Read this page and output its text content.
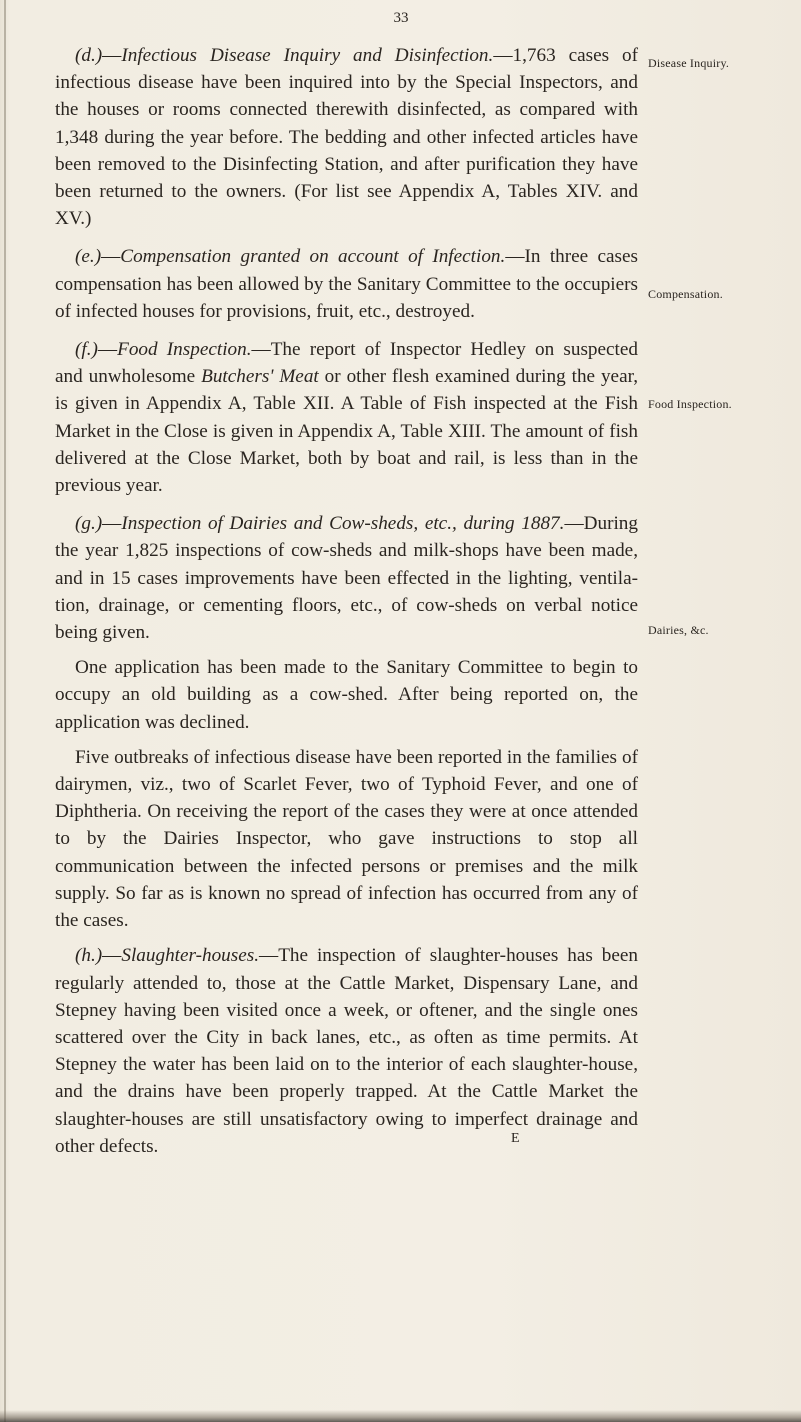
33

(d.)—Infectious Disease Inquiry and Disinfection.—1,763 cases of infectious disease have been inquired into by the Special Inspectors, and the houses or rooms connected therewith disinfected, as compared with 1,348 during the year before. The bedding and other infected articles have been removed to the Disinfecting Station, and after purification they have been returned to the owners. (For list see Appendix A, Tables XIV. and XV.)

(e.)—Compensation granted on account of Infection.—In three cases compensation has been allowed by the Sanitary Committee to the occupiers of infected houses for provisions, fruit, etc., destroyed.

(f.)—Food Inspection.—The report of Inspector Hedley on suspected and unwholesome Butchers' Meat or other flesh examined during the year, is given in Appendix A, Table XII. A Table of Fish inspected at the Fish Market in the Close is given in Appendix A, Table XIII. The amount of fish delivered at the Close Market, both by boat and rail, is less than in the previous year.

(g.)—Inspection of Dairies and Cow-sheds, etc., during 1887.—During the year 1,825 inspections of cow-sheds and milk-shops have been made, and in 15 cases improvements have been effected in the lighting, ventilation, drainage, or cementing floors, etc., of cow-sheds on verbal notice being given.

One application has been made to the Sanitary Committee to begin to occupy an old building as a cow-shed. After being reported on, the application was declined.

Five outbreaks of infectious disease have been reported in the families of dairymen, viz., two of Scarlet Fever, two of Typhoid Fever, and one of Diphtheria. On receiving the report of the cases they were at once attended to by the Dairies Inspector, who gave instructions to stop all communication between the infected persons or premises and the milk supply. So far as is known no spread of infection has occurred from any of the cases.

(h.)—Slaughter-houses.—The inspection of slaughter-houses has been regularly attended to, those at the Cattle Market, Dispensary Lane, and Stepney having been visited once a week, or oftener, and the single ones scattered over the City in back lanes, etc., as often as time permits. At Stepney the water has been laid on to the interior of each slaughter-house, and the drains have been properly trapped. At the Cattle Market the slaughter-houses are still unsatisfactory owing to imperfect drainage and other defects.

Disease Inquiry.
Compensation.
Food Inspection.
Dairies, &c.
E
